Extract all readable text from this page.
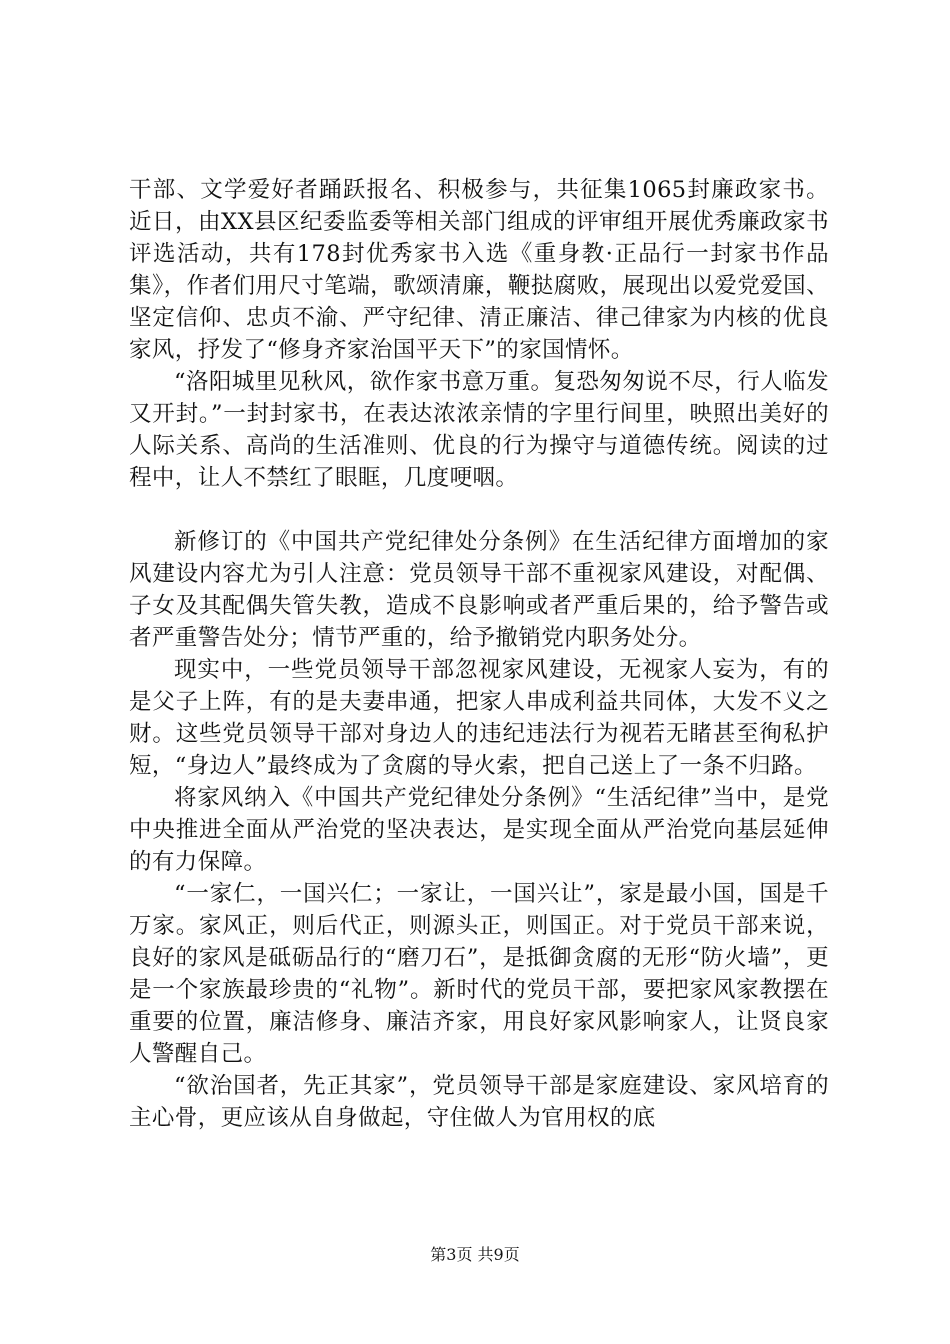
干部、文学爱好者踊跃报名、积极参与，共征集1065封廉政家书。近日，由XX县区纪委监委等相关部门组成的评审组开展优秀廉政家书评选活动，共有178封优秀家书入选《重身教·正品行一封家书作品集》，作者们用尺寸笔端，歌颂清廉，鞭挞腐败，展现出以爱党爱国、坚定信仰、忠贞不渝、严守纪律、清正廉洁、律己律家为内核的优良家风，抒发了“修身齐家治国平天下”的家国情怀。

“洛阳城里见秋风，欲作家书意万重。复恐匆匆说不尽，行人临发又开封。”一封封家书，在表达浓浓亲情的字里行间里，映照出美好的人际关系、高尚的生活准则、优良的行为操守与道德传统。阅读的过程中，让人不禁红了眼眶，几度哽咽。

新修订的《中国共产党纪律处分条例》在生活纪律方面增加的家风建设内容尤为引人注意：党员领导干部不重视家风建设，对配偶、子女及其配偶失管失教，造成不良影响或者严重后果的，给予警告或者严重警告处分；情节严重的，给予撤销党内职务处分。

现实中，一些党员领导干部忽视家风建设，无视家人妄为，有的是父子上阵，有的是夫妻串通，把家人串成利益共同体，大发不义之财。这些党员领导干部对身边人的违纪违法行为视若无睹甚至徇私护短，“身边人”最终成为了贪腐的导火索，把自己送上了一条不归路。

将家风纳入《中国共产党纪律处分条例》“生活纪律”当中，是党中央推进全面从严治党的坚决表达，是实现全面从严治党向基层延伸的有力保障。

“一家仁，一国兴仁；一家让，一国兴让”，家是最小国，国是千万家。家风正，则后代正，则源头正，则国正。对于党员干部来说，良好的家风是砥砺品行的“磨刀石”，是抵御贪腐的无形“防火墙”，更是一个家族最珍贵的“礼物”。新时代的党员干部，要把家风家教摆在重要的位置，廉洁修身、廉洁齐家，用良好家风影响家人，让贤良家人警醒自己。

“欲治国者，先正其家”，党员领导干部是家庭建设、家风培育的主心骨，更应该从自身做起，守住做人为官用权的底

第3页 共9页
